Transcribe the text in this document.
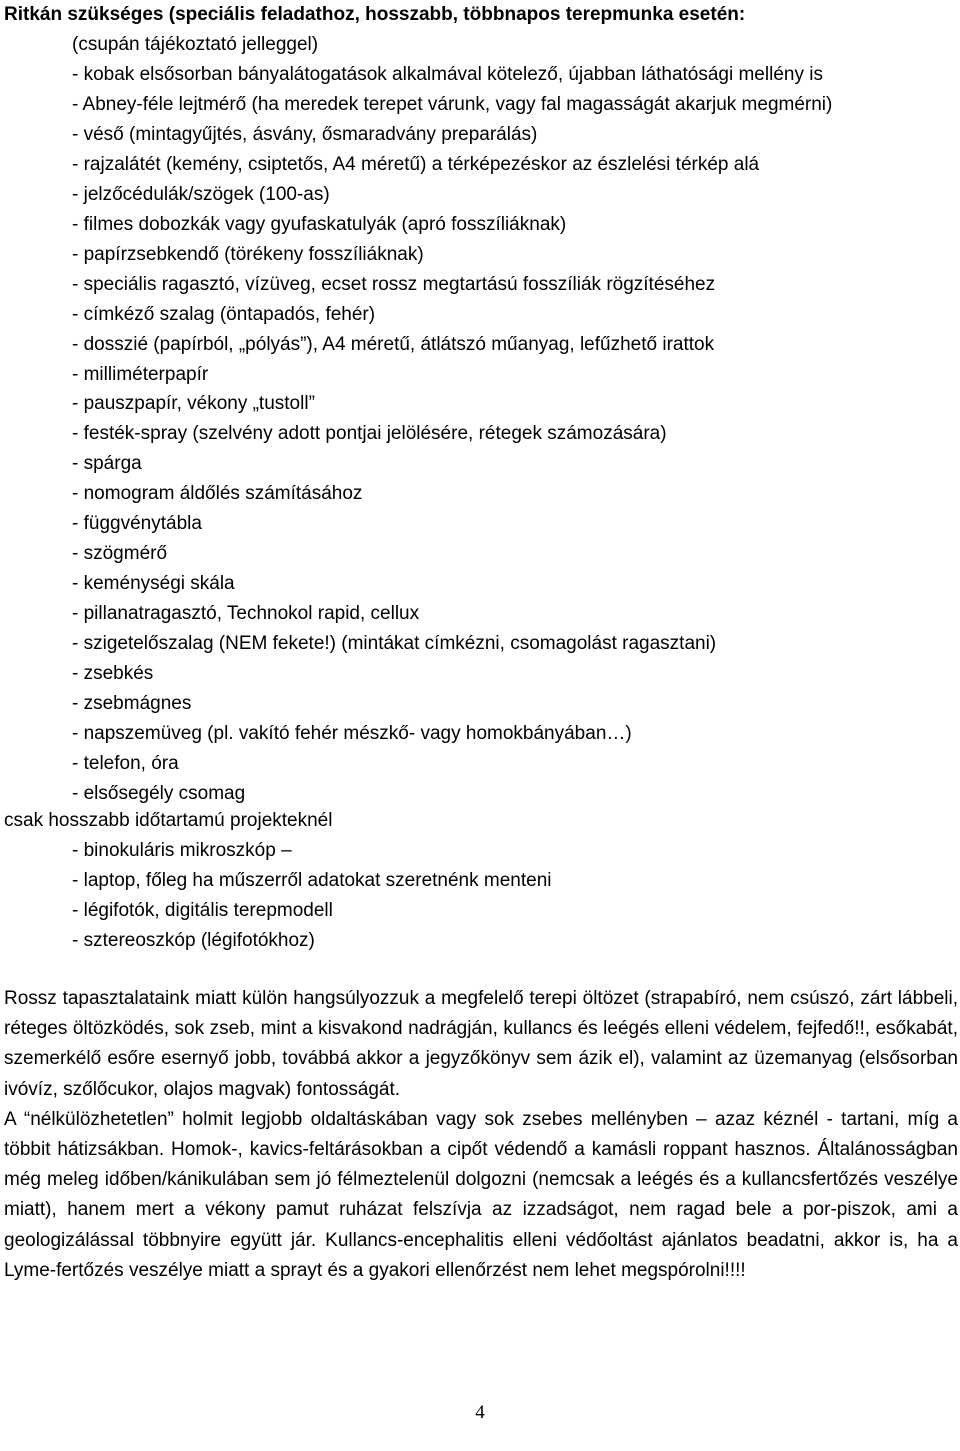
Ritkán szükséges (speciális feladathoz, hosszabb, többnapos terepmunka esetén:

(csupán tájékoztató jelleggel)

- kobak elsősorban bányalátogatások alkalmával kötelező, újabban láthatósági mellény is
- Abney-féle lejtmérő (ha meredek terepet várunk, vagy fal magasságát akarjuk megmérni)
- véső (mintagyűjtés, ásvány, ősmaradvány preparálás)
- rajzalátét (kemény, csiptetős, A4 méretű) a térképezéskor az észlelési térkép alá
- jelzőcédulák/szögek (100-as)
- filmes dobozkák vagy gyufaskatulyák (apró fosszíliáknak)
- papírzsebkendő (törékeny fosszíliáknak)
- speciális ragasztó, vízüveg, ecset rossz megtartású fosszíliák rögzítéséhez
- címkéző szalag (öntapadós, fehér)
- dosszié (papírból, „pólyás”), A4 méretű, átlátszó műanyag, lefűzhető irattok
- milliméterpapír
- pauszpapír, vékony „tustoll”
- festék-spray (szelvény adott pontjai jelölésére, rétegek számozására)
- spárga
- nomogram áldőlés számításához
- függvénytábla
- szögmérő
- keménységi skála
- pillanatragasztó, Technokol rapid, cellux
- szigetelőszalag (NEM fekete!) (mintákat címkézni, csomagolást ragasztani)
- zsebkés
- zsebmágnes
- napszemüveg (pl. vakító fehér mészkő- vagy homokbányában…)
- telefon, óra
- elsősegély csomag

csak hosszabb időtartamú projekteknél

- binokuláris mikroszkóp –
- laptop, főleg ha műszerről adatokat szeretnénk menteni
- légifotók, digitális terepmodell
- sztereoszkóp (légifotókhoz)

Rossz tapasztalataink miatt külön hangsúlyozzuk a megfelelő terepi öltözet (strapabíró, nem csúszó, zárt lábbeli, réteges öltözködés, sok zseb, mint a kisvakond nadrágján, kullancs és leégés elleni védelem, fejfedő!!, esőkabát, szemerkélő esőre esernyő jobb, továbbá akkor a jegyzőkönyv sem ázik el), valamint az üzemanyag (elsősorban ivóvíz, szőlőcukor, olajos magvak) fontosságát.

A “nélkülözhetetlen” holmit legjobb oldaltáskában vagy sok zsebes mellényben – azaz kéznél - tartani, míg a többit hátizsákban. Homok-, kavics-feltárásokban a cipőt védendő a kamásli roppant hasznos. Általánosságban még meleg időben/kánikulában sem jó félmeztelenül dolgozni (nemcsak a leégés és a kullancsfertőzés veszélye miatt), hanem mert a vékony pamut ruházat felszívja az izzadságot, nem ragad bele a por-piszok, ami a geologizálással többnyire együtt jár. Kullancs-encephalitis elleni védőoltást ajánlatos beadatni, akkor is, ha a Lyme-fertőzés veszélye miatt a sprayt és a gyakori ellenőrzést nem lehet megspórolni!!!!

4
